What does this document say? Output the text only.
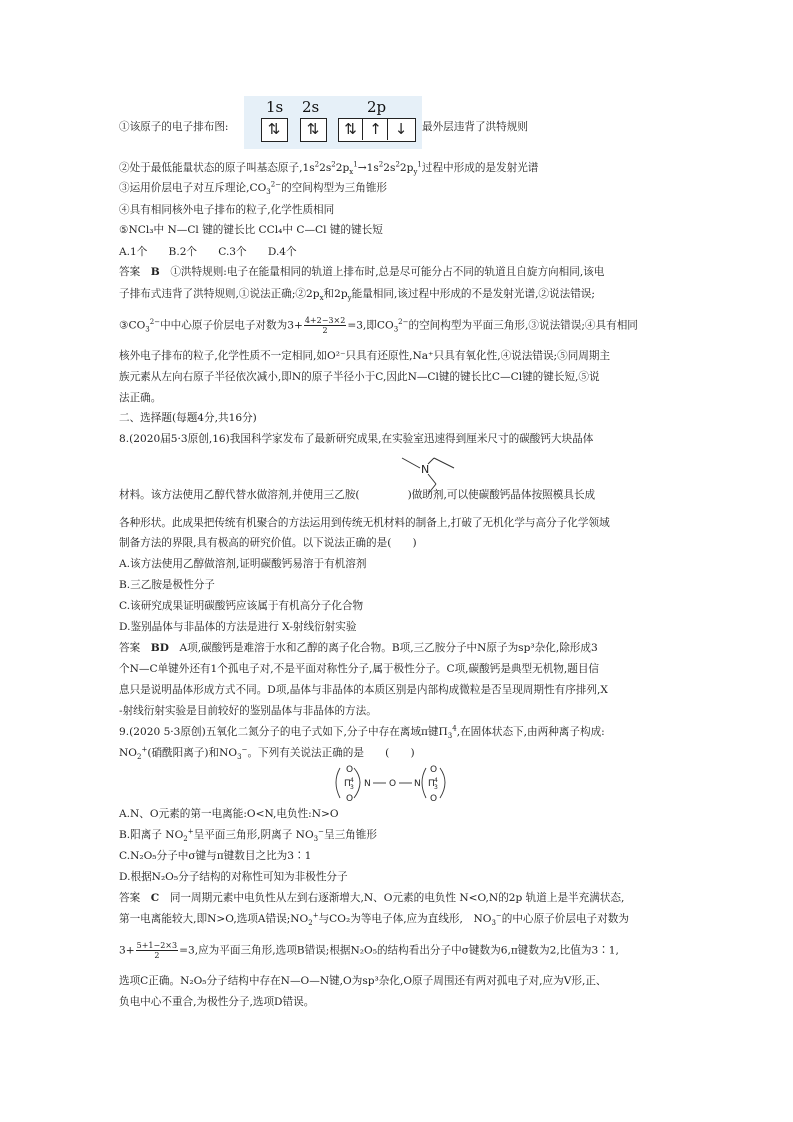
①该原子的电子排布图:
1s 2s	2p
⇅	⇅	⇅ ↑ ↓	最外层违背了洪特规则
②处于最低能量状态的原子叫基态原子$,1s^22s^22p_x^1\to 1s^22s^22p_y^1$过程中形成的是发射光谱
③运用价层电子对互斥理论$,CO_3^{2-}$的空间构型为三角锥形
④具有相同核外电子排布的粒子,化学性质相同
⑤NCl₃中 N—Cl 键的键长比 CCl₄中 C—Cl 键的键长短
A.1个　　B.2个　　C.3个　　D.4个
答案　 B　 ①洪特规则:电子在能量相同的轨道上排布时,总是尽可能分占不同的轨道且自旋方向相同,该电
子排布式违背了洪特规则,①说法正确$;②2p_x$和$2p_y$能量相同,该过程中形成的不是发射光谱,②说法错误;
$③CO_3^{2-}$中中心原子价层电子对数为$3+ \frac{4+2-3\times 2}{2} =3$,即$CO_3^{2-}$的空间构型为平面三角形,③说法错误;④具有相同
核外电子排布的粒子,化学性质不一定相同,如O²⁻只具有还原性,Na⁺只具有氧化性,④说法错误;⑤同周期主
族元素从左向右原子半径依次减小,即N的原子半径小于C,因此N—Cl键的键长比C—Cl键的键长短,⑤说
法正确。
二、选择题(每题4分,共16分)
8.(2020届5·3原创,16)我国科学家发布了最新研究成果,在实验室迅速得到厘米尺寸的碳酸钙大块晶体
N
材料。该方法使用乙醇代替水做溶剂,并使用三乙胺(	)做助剂,可以使碳酸钙晶体按照模具长成
各种形状。此成果把传统有机聚合的方法运用到传统无机材料的制备上,打破了无机化学与高分子化学领域
制备方法的界限,具有极高的研究价值。以下说法正确的是(　　)
A.该方法使用乙醇做溶剂,证明碳酸钙易溶于有机溶剂
B.三乙胺是极性分子
C.该研究成果证明碳酸钙应该属于有机高分子化合物
D.鉴别晶体与非晶体的方法是进行 X-射线衍射实验
答案　 BD　 A项,碳酸钙是难溶于水和乙醇的离子化合物。B项,三乙胺分子中N原子为sp³杂化,除形成3
个N—C单键外还有1个孤电子对,不是平面对称性分子,属于极性分子。C项,碳酸钙是典型无机物,题目信
息只是说明晶体形成方式不同。D项,晶体与非晶体的本质区别是内部构成微粒是否呈现周期性有序排列,X
-射线衍射实验是目前较好的鉴别晶体与非晶体的方法。
9.(2020 5·3原创)五氧化二氮分子的电子式如下,分子中存在离域π键$\Pi_3^4$,在固体状态下,由两种离子构成:
$NO_2^+$(硝酰阳离子)和$NO_3^-$。下列有关说法正确的是　　(　　)
O
Π 3
4
O
N O N
O
Π 3
4
O
A.N、O元素的第一电离能:O<N,电负性:N>O
B.阳离子 $NO_2^+$呈平面三角形,阴离子 $NO_3^-$呈三角锥形
C.N₂O₅分子中σ键与π键数目之比为3∶1
D.根据N₂O₅分子结构的对称性可知为非极性分子
答案　 C　 同一周期元素中电负性从左到右逐渐增大,N、O元素的电负性 N<O,N的2p 轨道上是半充满状态,
第一电离能较大,即N>O,选项A错误$;NO_2^+$与CO₂为等电子体,应为直线形,　$NO_3^-$的中心原子价层电子对数为
$3+ \frac{5+1-2\times 3}{2} =3$,应为平面三角形,选项B错误;根据N₂O₅的结构看出分子中σ键数为6,π键数为2,比值为3∶1,
选项C正确。N₂O₅分子结构中存在N—O—N键,O为sp³杂化,O原子周围还有两对孤电子对,应为V形,正、
负电中心不重合,为极性分子,选项D错误。
